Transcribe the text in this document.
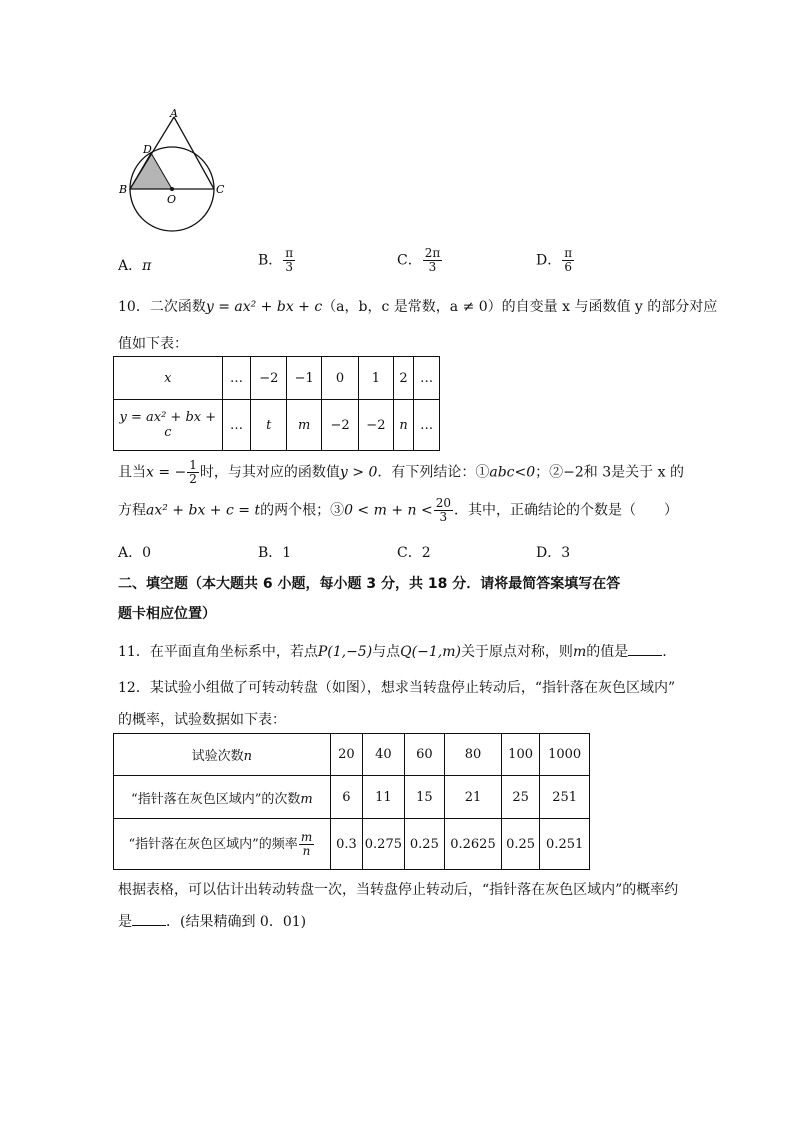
A
D
B
O
C
A．π	B． $\frac{\pi}{3}$	C． $\frac{2\pi}{3}$	D． $\frac{\pi}{6}$
10．二次函数y = ax² + bx + c（a，b，c 是常数，a ≠ 0）的自变量 x 与函数值 y 的部分对应
值如下表：
x	…	−2	−1	0	1	2	…
y = ax² + bx + c	…	t	m	−2	−2	n	…
且当x = − $\frac{1}{2}$ 时，与其对应的函数值y > 0．有下列结论：①abc<0；②−2和 3是关于 x 的
方程ax² + bx + c = t的两个根；③0 < $m + n < \frac{20}{3}$ ．其中，正确结论的个数是（　　）
A．0	B．1	C．2	D．3
二、填空题（本大题共 6 小题，每小题 3 分，共 18 分．请将最简答案填写在答
题卡相应位置）
11．在平面直角坐标系中，若点P(1,−5)与点Q(−1,m)关于原点对称，则m的值是 .
12．某试验小组做了可转动转盘（如图），想求当转盘停止转动后，“指针落在灰色区域内”
的概率，试验数据如下表：
试验次数n	20	40	60	80	100	1000
“指针落在灰色区域内”的次数m	6	11	15	21	25	251
“指针落在灰色区域内”的频率 $\frac{m}{n}$	0.3	0.275	0.25	0.2625	0.25	0.251
根据表格，可以估计出转动转盘一次，当转盘停止转动后，“指针落在灰色区域内”的概率约
是 ．(结果精确到 0．01)
